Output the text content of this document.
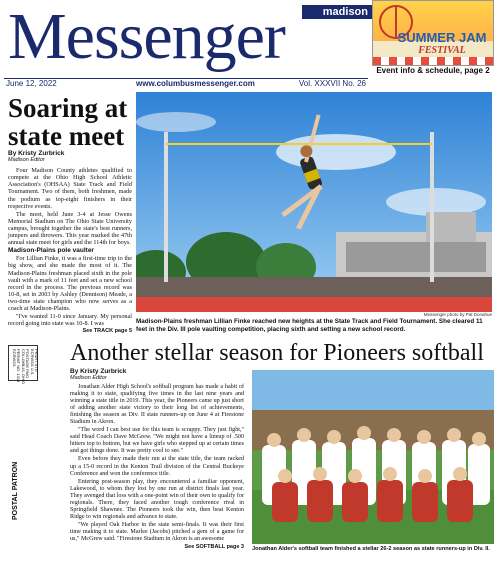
Messenger	madison
SUMMER JAM
FESTIVAL
Event info & schedule, page 2
June 12, 2022	www.columbusmessenger.com	Vol. XXXVII No. 26
Soaring at state meet
By Kristy Zurbrick
Madison Editor

Four Madison County athletes qualified to compete at the Ohio High School Athletic Association's (OHSAA) State Track and Field Tournament. Two of them, both freshmen, made the podium as top-eight finishers in their respective events.

The meet, held June 3-4 at Jesse Owens Memorial Stadium on The Ohio State University campus, brought together the state's best runners, jumpers and throwers. This year marked the 47th annual state meet for girls and the 114th for boys.

Madison-Plains pole vaulter

For Lillian Finke, it was a first-time trip to the big show, and she made the most of it. The Madison-Plains freshman placed sixth in the pole vault with a mark of 11 feet and set a new school record in the process. The previous record was 10-8, set in 2003 by Ashley (Dennison) Meade, a two-time state champion who now serves as a coach at Madison-Plains.

"I've wanted 11-0 since January. My personal record going into state was 10-8. I was

See TRACK page 5
Messenger photo by Pat Donahue
Madison-Plains freshman Lillian Finke reached new heights at the State Track and Field Tournament. She cleared 11 feet in the Div. III pole vaulting competition, placing sixth and setting a new school record.
PRSRT STD ECRWSS U.S. POSTAGE PAID COLUMBUS, OHIO PERMIT NO. 1314 ECRWSS
POSTAL PATRON
Another stellar season for Pioneers softball
By Kristy Zurbrick
Madison Editor

Jonathan Alder High School's softball program has made a habit of making it to state, qualifying five times in the last nine years and winning a state title in 2019. This year, the Pioneers came up just short of adding another state victory to their long list of achievements, finishing the season as Div. II state runners-up on June 4 at Firestone Stadium in Akron.

"The word I can best use for this team is scrappy. They just fight," said Head Coach Dave McGrew. "We might not have a lineup of .500 hitters top to bottom, but we have girls who stepped up at certain times and got things done. It was pretty cool to see."

Even before they made their run at the state title, the team racked up a 15-0 record in the Kenton Trail division of the Central Buckeye Conference and won the conference title.

Entering post-season play, they encountered a familiar opponent, Lakewood, to whom they lost by one run at district finals last year. They avenged that loss with a one-point win of their own to qualify for regionals. There, they faced another tough conference rival in Springfield Shawnee. The Pioneers took the win, then beat Kenton Ridge to win regionals and advance to state.

"We played Oak Harbor in the state semi-finals. It was their first time making it to state. Marlee (Jacobs) pitched a gem of a game for us," McGrew said. "Firestone Stadium in Akron is an awesome

See SOFTBALL page 3 Jonathan Alder's softball team finished a stellar 26-2 season as state runners-up in Div. II.
